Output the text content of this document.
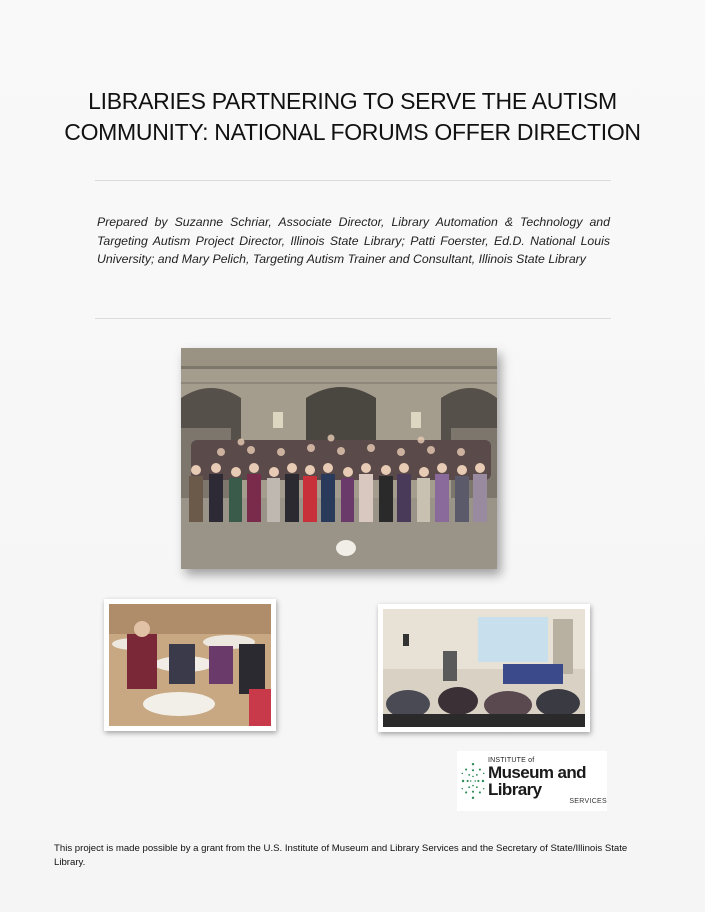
LIBRARIES PARTNERING TO SERVE THE AUTISM COMMUNITY: NATIONAL FORUMS OFFER DIRECTION

Prepared by Suzanne Schriar, Associate Director, Library Automation & Technology and Targeting Autism Project Director, Illinois State Library; Patti Foerster, Ed.D. National Louis University; and Mary Pelich, Targeting Autism Trainer and Consultant, Illinois State Library

INSTITUTE of
Museum and Library
SERVICES

This project is made possible by a grant from the U.S. Institute of Museum and Library Services and the Secretary of State/Illinois State Library.
